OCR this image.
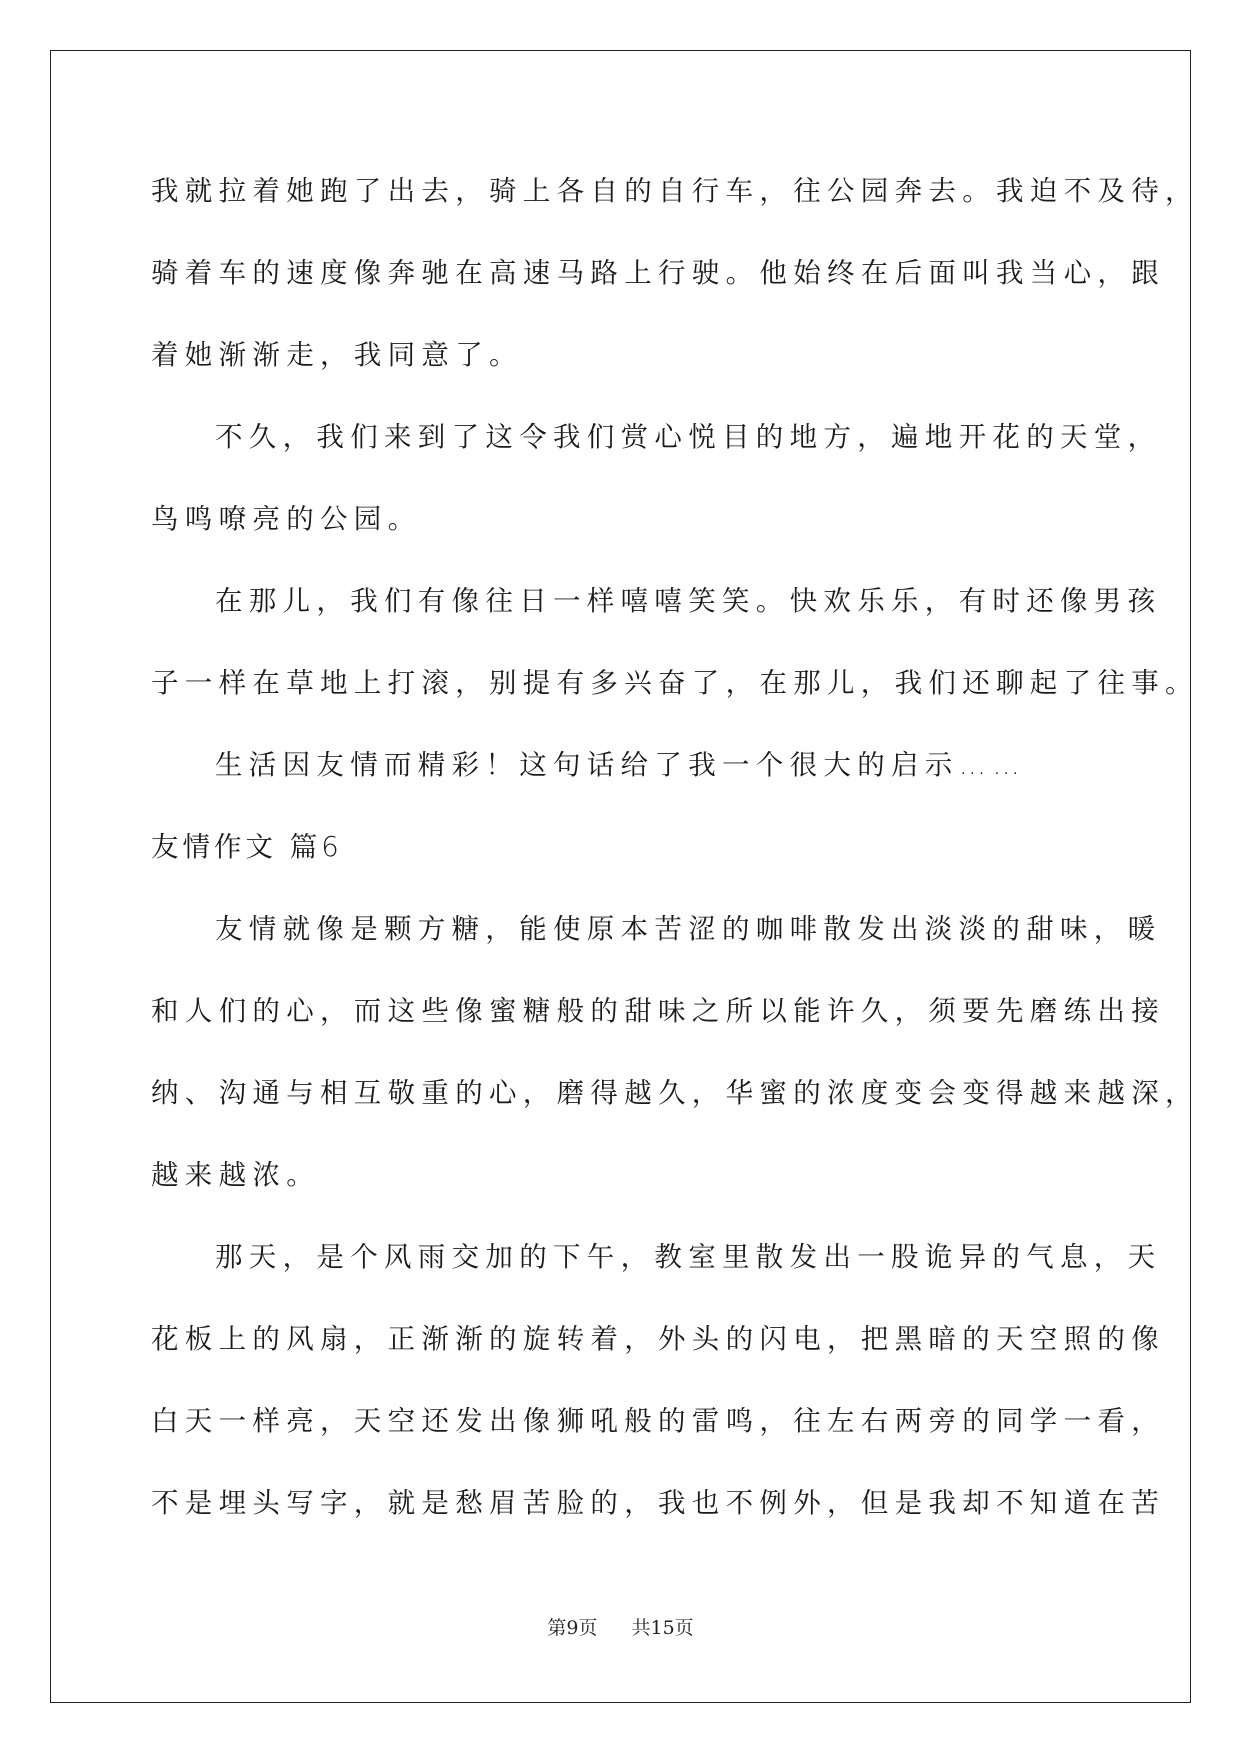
我就拉着她跑了出去，骑上各自的自行车，往公园奔去。我迫不及待，
骑着车的速度像奔驰在高速马路上行驶。他始终在后面叫我当心，跟
着她渐渐走，我同意了。
不久，我们来到了这令我们赏心悦目的地方，遍地开花的天堂，
鸟鸣嘹亮的公园。
在那儿，我们有像往日一样嘻嘻笑笑。快欢乐乐，有时还像男孩
子一样在草地上打滚，别提有多兴奋了，在那儿，我们还聊起了往事。
生活因友情而精彩！这句话给了我一个很大的启示……
友情作文 篇6
友情就像是颗方糖，能使原本苦涩的咖啡散发出淡淡的甜味，暖
和人们的心，而这些像蜜糖般的甜味之所以能许久，须要先磨练出接
纳、沟通与相互敬重的心，磨得越久，华蜜的浓度变会变得越来越深，
越来越浓。
那天，是个风雨交加的下午，教室里散发出一股诡异的气息，天
花板上的风扇，正渐渐的旋转着，外头的闪电，把黑暗的天空照的像
白天一样亮，天空还发出像狮吼般的雷鸣，往左右两旁的同学一看，
不是埋头写字，就是愁眉苦脸的，我也不例外，但是我却不知道在苦
第9页 共15页
